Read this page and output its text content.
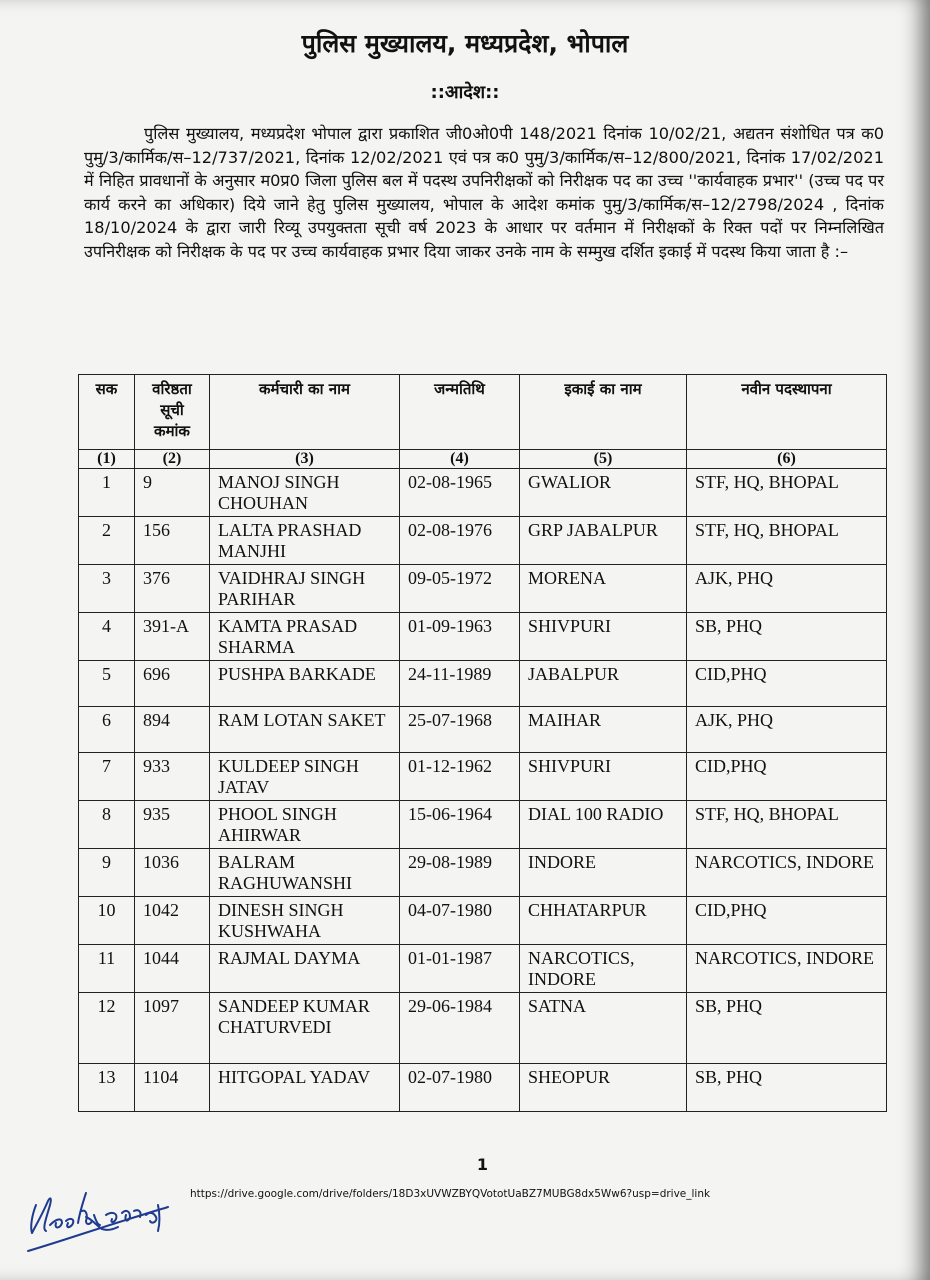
पुलिस मुख्यालय, मध्यप्रदेश, भोपाल
::आदेश::

पुलिस मुख्यालय, मध्यप्रदेश भोपाल द्वारा प्रकाशित जी0ओ0पी 148/2021 दिनांक 10/02/21, अद्यतन संशोधित पत्र क0 पुमु/3/कार्मिक/स–12/737/2021, दिनांक 12/02/2021 एवं पत्र क0 पुमु/3/कार्मिक/स–12/800/2021, दिनांक 17/02/2021 में निहित प्रावधानों के अनुसार म0प्र0 जिला पुलिस बल में पदस्थ उपनिरीक्षकों को निरीक्षक पद का उच्च ''कार्यवाहक प्रभार'' (उच्च पद पर कार्य करने का अधिकार) दिये जाने हेतु पुलिस मुख्यालय, भोपाल के आदेश कमांक पुमु/3/कार्मिक/स–12/2798/2024 , दिनांक 18/10/2024 के द्वारा जारी रिव्यू उपयुक्तता सूची वर्ष 2023 के आधार पर वर्तमान में निरीक्षकों के रिक्त पदों पर निम्नलिखित उपनिरीक्षक को निरीक्षक के पद पर उच्च कार्यवाहक प्रभार दिया जाकर उनके नाम के सम्मुख दर्शित इकाई में पदस्थ किया जाता है :–

सक	वरिष्ठता सूची कमांक	कर्मचारी का नाम	जन्मतिथि	इकाई का नाम	नवीन पदस्थापना
(1)	(2)	(3)	(4)	(5)	(6)
1	9	MANOJ SINGH CHOUHAN	02-08-1965	GWALIOR	STF, HQ, BHOPAL
2	156	LALTA PRASHAD MANJHI	02-08-1976	GRP JABALPUR	STF, HQ, BHOPAL
3	376	VAIDHRAJ SINGH PARIHAR	09-05-1972	MORENA	AJK, PHQ
4	391-A	KAMTA PRASAD SHARMA	01-09-1963	SHIVPURI	SB, PHQ
5	696	PUSHPA BARKADE	24-11-1989	JABALPUR	CID,PHQ
6	894	RAM LOTAN SAKET	25-07-1968	MAIHAR	AJK, PHQ
7	933	KULDEEP SINGH JATAV	01-12-1962	SHIVPURI	CID,PHQ
8	935	PHOOL SINGH AHIRWAR	15-06-1964	DIAL 100 RADIO	STF, HQ, BHOPAL
9	1036	BALRAM RAGHUWANSHI	29-08-1989	INDORE	NARCOTICS, INDORE
10	1042	DINESH SINGH KUSHWAHA	04-07-1980	CHHATARPUR	CID,PHQ
11	1044	RAJMAL DAYMA	01-01-1987	NARCOTICS, INDORE	NARCOTICS, INDORE
12	1097	SANDEEP KUMAR CHATURVEDI	29-06-1984	SATNA	SB, PHQ
13	1104	HITGOPAL YADAV	02-07-1980	SHEOPUR	SB, PHQ
1
https://drive.google.com/drive/folders/18D3xUVWZBYQVototUaBZ7MUBG8dx5Ww6?usp=drive_link
